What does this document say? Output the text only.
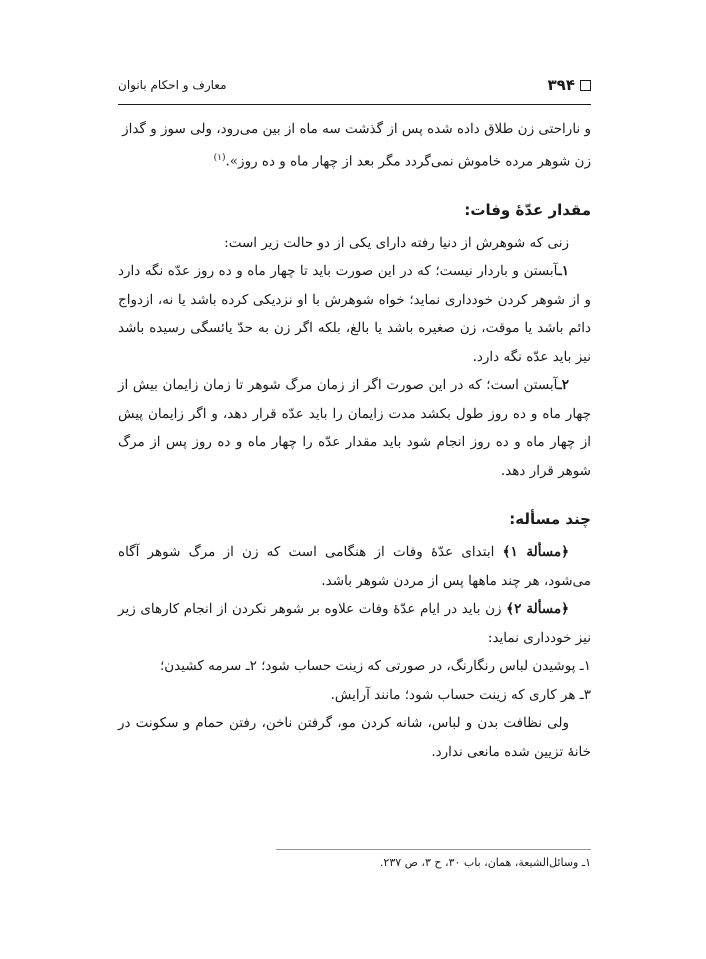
۳۹۴
معارف و احکام بانوان

و ناراحتی زن طلاق داده شده پس از گذشت سه ماه از بین می‌رود، ولی سوز و گداز

زن شوهر مرده خاموش نمی‌گردد مگر بعد از چهار ماه و ده روز».$^{(۱)}$

مقدار عدّهٔ وفات:

زنی که شوهرش از دنیا رفته دارای یکی از دو حالت زیر است:

۱ـآبستن و باردار نیست؛ که در این صورت باید تا چهار ماه و ده روز عدّه نگه دارد و از شوهر کردن خودداری نماید؛ خواه شوهرش با او نزدیکی کرده باشد یا نه، ازدواج دائم باشد یا موقت، زن صغیره باشد یا بالغ، بلکه اگر زن به حدّ یائسگی رسیده باشد نیز باید عدّه نگه دارد.

۲ـآبستن است؛ که در این صورت اگر از زمان مرگ شوهر تا زمان زایمان بیش از چهار ماه و ده روز طول بکشد مدت زایمان را باید عدّه قرار دهد، و اگر زایمان پیش از چهار ماه و ده روز انجام شود باید مقدار عدّه را چهار ماه و ده روز پس از مرگ شوهر قرار دهد.

چند مسأله:

﴿مسألة ۱﴾ ابتدای عدّهٔ وفات از هنگامی است که زن از مرگ شوهر آگاه می‌شود، هر چند ماهها پس از مردن شوهر باشد.

﴿مسألة ۲﴾ زن باید در ایام عدّهٔ وفات علاوه بر شوهر نکردن از انجام کارهای زیر نیز خودداری نماید:

۱ـ پوشیدن لباس رنگارنگ، در صورتی که زینت حساب شود؛ ۲ـ سرمه کشیدن؛

۳ـ هر کاری که زینت حساب شود؛ مانند آرایش.

ولی نظافت بدن و لباس، شانه کردن مو، گرفتن ناخن، رفتن حمام و سکونت در خانهٔ تزیین شده مانعی ندارد.

۱ـ وسائل‌الشیعة، همان، باب ۳۰، ح ۳، ص ۲۳۷.
